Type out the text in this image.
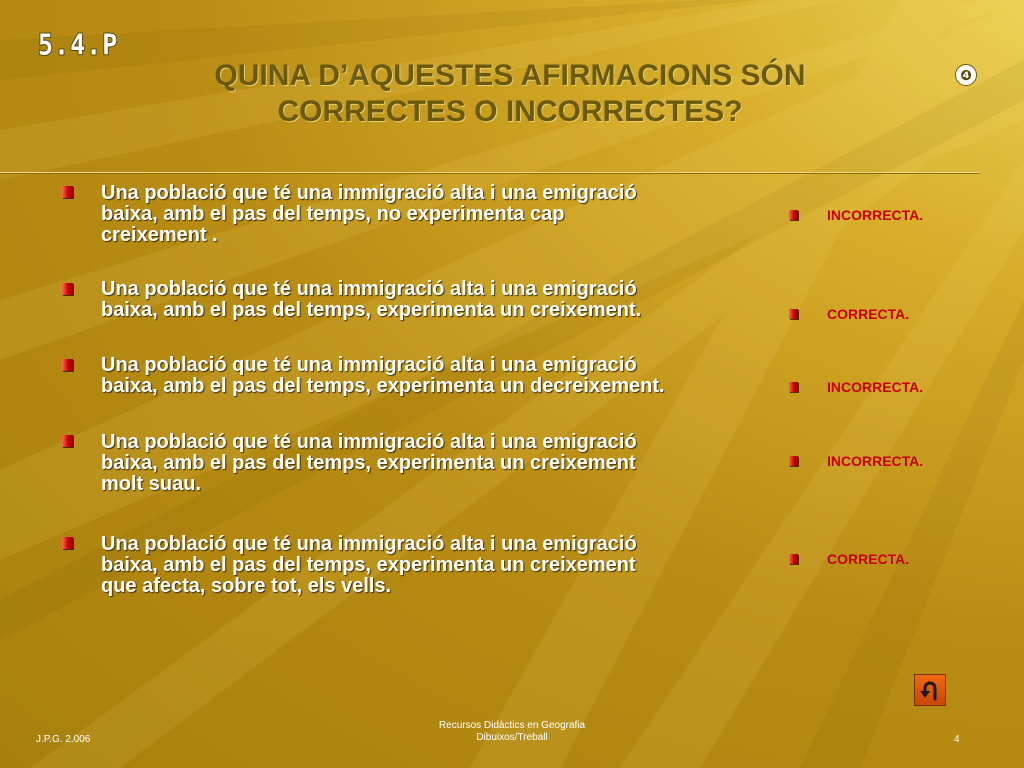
5.4.P
QUINA D’AQUESTES AFIRMACIONS SÓN
CORRECTES O INCORRECTES?
❹
Una població que té una immigració alta i una emigració
baixa, amb el pas del temps, no experimenta cap
creixement .
Una població que té una immigració alta i una emigració
baixa, amb el pas del temps, experimenta un creixement.
Una població que té una immigració alta i una emigració
baixa, amb el pas del temps, experimenta un decreixement.
Una població que té una immigració alta i una emigració
baixa, amb el pas del temps, experimenta un creixement
molt suau.
Una població que té una immigració alta i una emigració
baixa, amb el pas del temps, experimenta un creixement
que afecta, sobre tot, els vells.
INCORRECTA.
CORRECTA.
INCORRECTA.
INCORRECTA.
CORRECTA.
J.P.G. 2.006
Recursos Didàctics en Geografia
Dibuixos/Treball	4
